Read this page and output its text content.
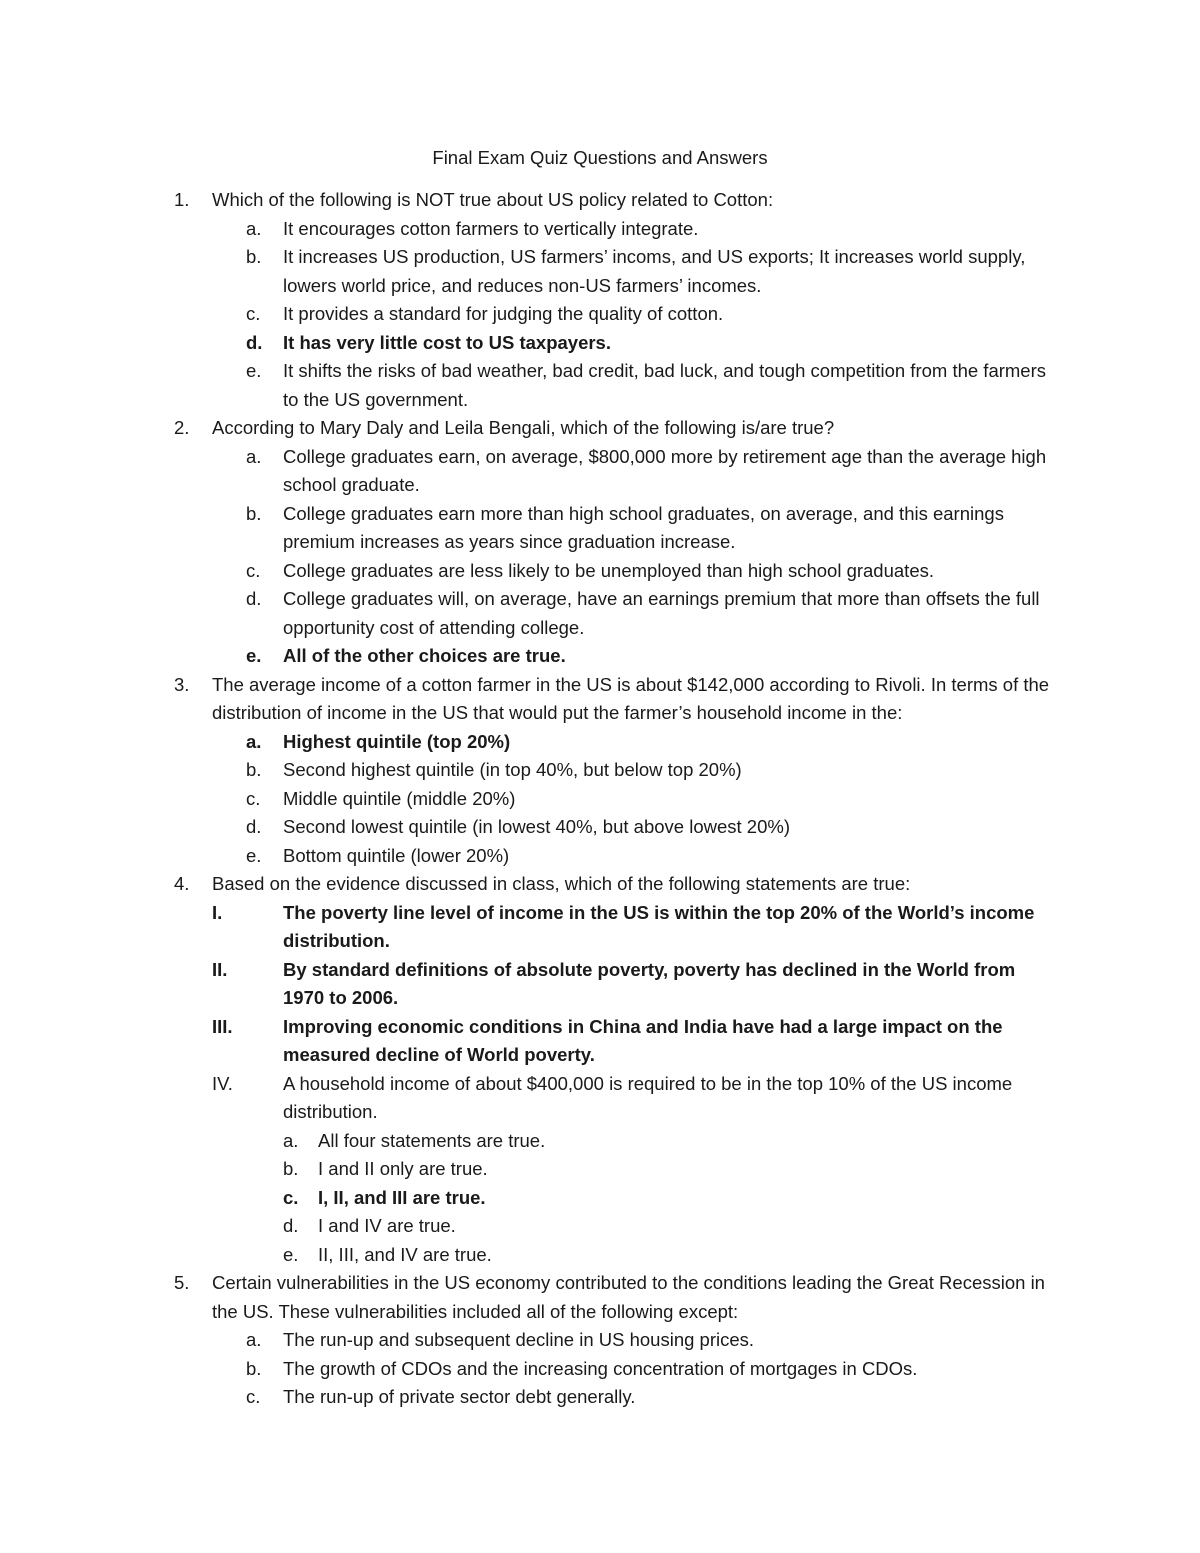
Final Exam Quiz Questions and Answers
1. Which of the following is NOT true about US policy related to Cotton:
a. It encourages cotton farmers to vertically integrate.
b. It increases US production, US farmers’ incoms, and US exports; It increases world supply, lowers world price, and reduces non-US farmers’ incomes.
c. It provides a standard for judging the quality of cotton.
d. It has very little cost to US taxpayers.
e. It shifts the risks of bad weather, bad credit, bad luck, and tough competition from the farmers to the US government.
2. According to Mary Daly and Leila Bengali, which of the following is/are true?
a. College graduates earn, on average, $800,000 more by retirement age than the average high school graduate.
b. College graduates earn more than high school graduates, on average, and this earnings premium increases as years since graduation increase.
c. College graduates are less likely to be unemployed than high school graduates.
d. College graduates will, on average, have an earnings premium that more than offsets the full opportunity cost of attending college.
e. All of the other choices are true.
3. The average income of a cotton farmer in the US is about $142,000 according to Rivoli. In terms of the distribution of income in the US that would put the farmer’s household income in the:
a. Highest quintile (top 20%)
b. Second highest quintile (in top 40%, but below top 20%)
c. Middle quintile (middle 20%)
d. Second lowest quintile (in lowest 40%, but above lowest 20%)
e. Bottom quintile (lower 20%)
4. Based on the evidence discussed in class, which of the following statements are true:
I.	The poverty line level of income in the US is within the top 20% of the World’s income distribution.
II.	By standard definitions of absolute poverty, poverty has declined in the World from 1970 to 2006.
III.	Improving economic conditions in China and India have had a large impact on the measured decline of World poverty.
IV.	A household income of about $400,000 is required to be in the top 10% of the US income distribution.
a. All four statements are true.
b. I and II only are true.
c. I, II, and III are true.
d. I and IV are true.
e. II, III, and IV are true.
5. Certain vulnerabilities in the US economy contributed to the conditions leading the Great Recession in the US. These vulnerabilities included all of the following except:
a. The run-up and subsequent decline in US housing prices.
b. The growth of CDOs and the increasing concentration of mortgages in CDOs.
c. The run-up of private sector debt generally.
